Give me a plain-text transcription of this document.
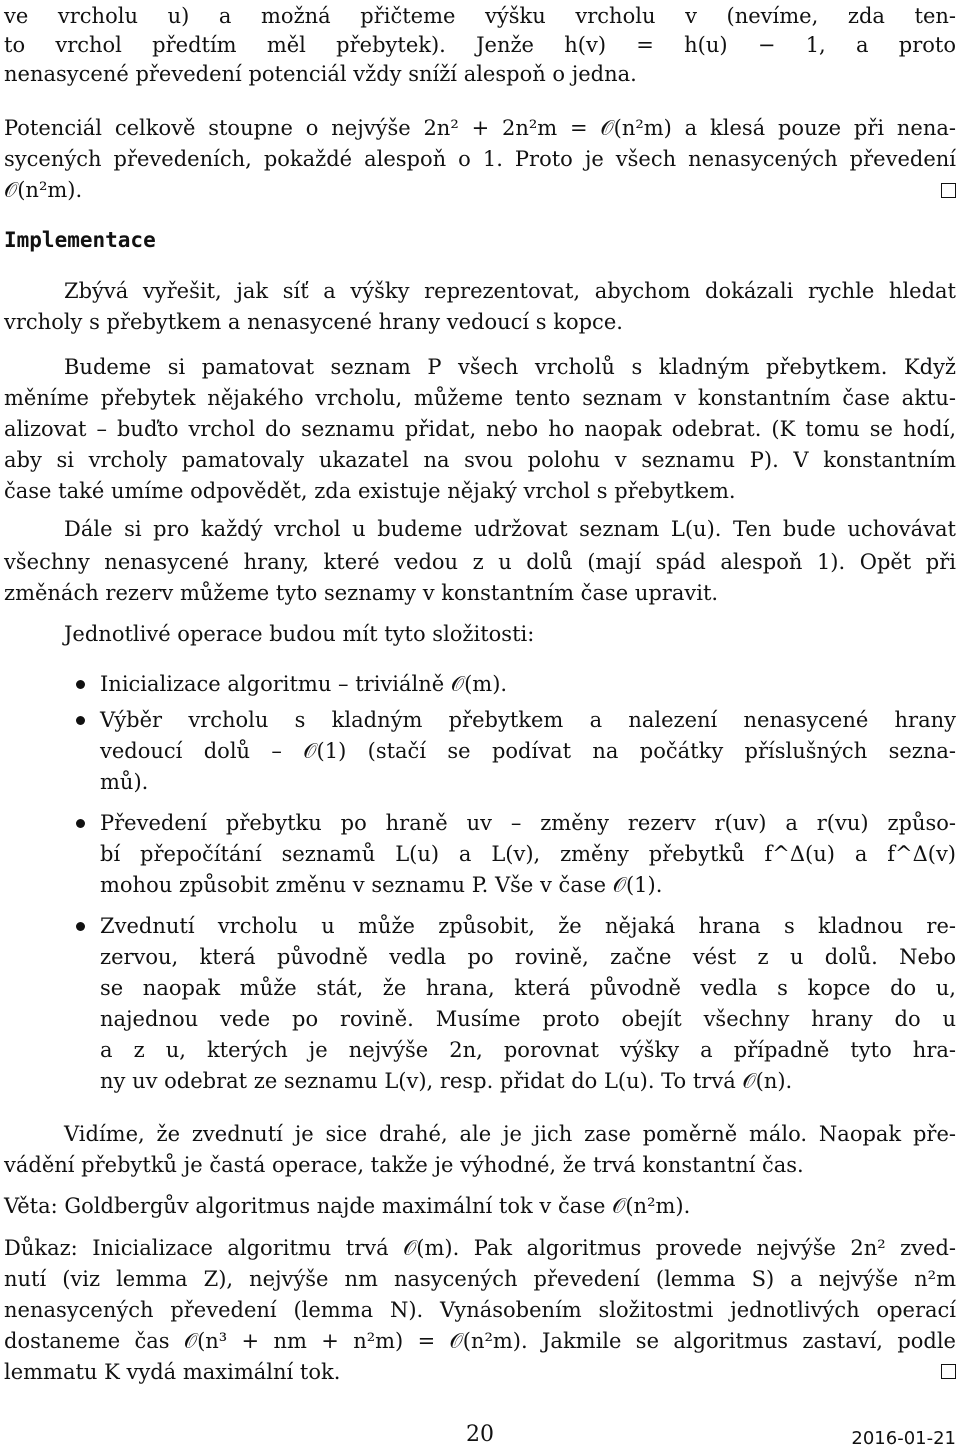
ve vrcholu u) a možná přičteme výšku vrcholu v (nevíme, zda ten-
to vrchol předtím měl přebytek). Jenže h(v) = h(u) − 1, a proto
nenasycené převedení potenciál vždy sníží alespoň o jedna.
Potenciál celkově stoupne o nejvýše 2n² + 2n²m = 𝒪(n²m) a klesá pouze při nena-
sycených převedeních, pokaždé alespoň o 1. Proto je všech nenasycených převedení
𝒪(n²m).
Implementace
Zbývá vyřešit, jak síť a výšky reprezentovat, abychom dokázali rychle hledat
vrcholy s přebytkem a nenasycené hrany vedoucí s kopce.
Budeme si pamatovat seznam P všech vrcholů s kladným přebytkem. Když
měníme přebytek nějakého vrcholu, můžeme tento seznam v konstantním čase aktu-
alizovat – buďto vrchol do seznamu přidat, nebo ho naopak odebrat. (K tomu se hodí,
aby si vrcholy pamatovaly ukazatel na svou polohu v seznamu P). V konstantním
čase také umíme odpovědět, zda existuje nějaký vrchol s přebytkem.
Dále si pro každý vrchol u budeme udržovat seznam L(u). Ten bude uchovávat
všechny nenasycené hrany, které vedou z u dolů (mají spád alespoň 1). Opět při
změnách rezerv můžeme tyto seznamy v konstantním čase upravit.
Jednotlivé operace budou mít tyto složitosti:
Inicializace algoritmu – triviálně 𝒪(m).
Výběr vrcholu s kladným přebytkem a nalezení nenasycené hrany
vedoucí dolů – 𝒪(1) (stačí se podívat na počátky příslušných sezna-
mů).
Převedení přebytku po hraně uv – změny rezerv r(uv) a r(vu) způso-
bí přepočítání seznamů L(u) a L(v), změny přebytků f^Δ(u) a f^Δ(v)
mohou způsobit změnu v seznamu P. Vše v čase 𝒪(1).
Zvednutí vrcholu u může způsobit, že nějaká hrana s kladnou re-
zervou, která původně vedla po rovině, začne vést z u dolů. Nebo
se naopak může stát, že hrana, která původně vedla s kopce do u,
najednou vede po rovině. Musíme proto obejít všechny hrany do u
a z u, kterých je nejvýše 2n, porovnat výšky a případně tyto hra-
ny uv odebrat ze seznamu L(v), resp. přidat do L(u). To trvá 𝒪(n).
Vidíme, že zvednutí je sice drahé, ale je jich zase poměrně málo. Naopak pře-
vádění přebytků je častá operace, takže je výhodné, že trvá konstantní čas.
Věta: Goldbergův algoritmus najde maximální tok v čase 𝒪(n²m).
Důkaz: Inicializace algoritmu trvá 𝒪(m). Pak algoritmus provede nejvýše 2n² zved-
nutí (viz lemma Z), nejvýše nm nasycených převedení (lemma S) a nejvýše n²m
nenasycených převedení (lemma N). Vynásobením složitostmi jednotlivých operací
dostaneme čas 𝒪(n³ + nm + n²m) = 𝒪(n²m). Jakmile se algoritmus zastaví, podle
lemmatu K vydá maximální tok.
20	2016-01-21
